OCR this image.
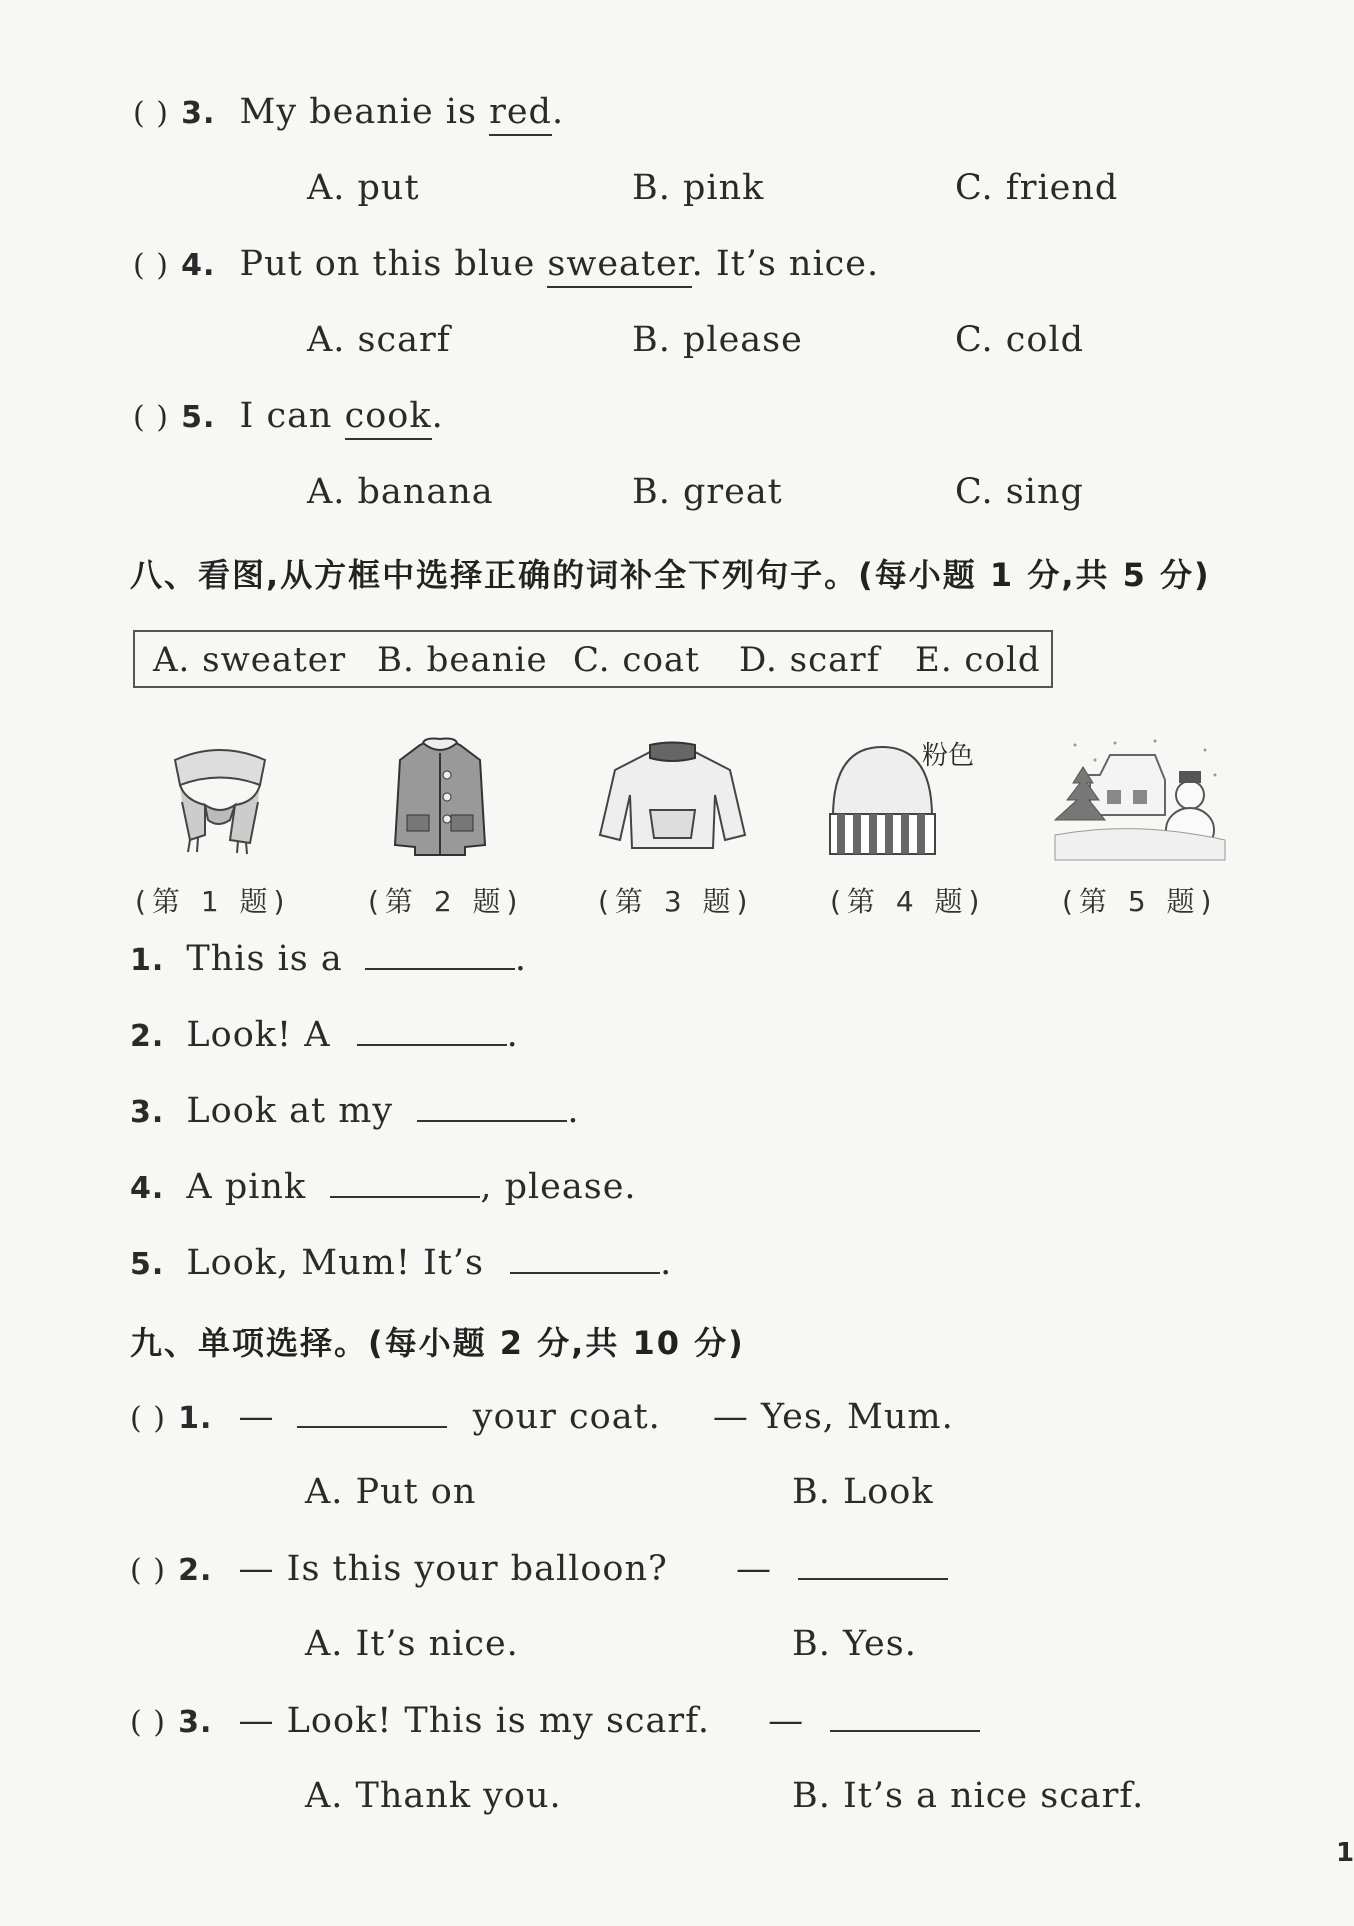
( ) 3. My beanie is red.
A. put	B. pink	C. friend
( ) 4. Put on this blue sweater. It’s nice.
A. scarf	B. please	C. cold
( ) 5. I can cook.
A. banana	B. great	C. sing
八、看图,从方框中选择正确的词补全下列句子。(每小题 1 分,共 5 分)
A. sweater B. beanie C. coat D. scarf E. cold
粉色
(第 1 题)	(第 2 题)	(第 3 题)	(第 4 题)	(第 5 题)
1. This is a	.
2. Look! A	.
3. Look at my	.
4. A pink	, please.
5. Look, Mum! It’s	.
九、单项选择。(每小题 2 分,共 10 分)
( ) 1. —	your coat. — Yes, Mum.
A. Put on	B. Look
( ) 2. — Is this your balloon? —
A. It’s nice.	B. Yes.
( ) 3. — Look! This is my scarf. —
A. Thank you.	B. It’s a nice scarf.
1
